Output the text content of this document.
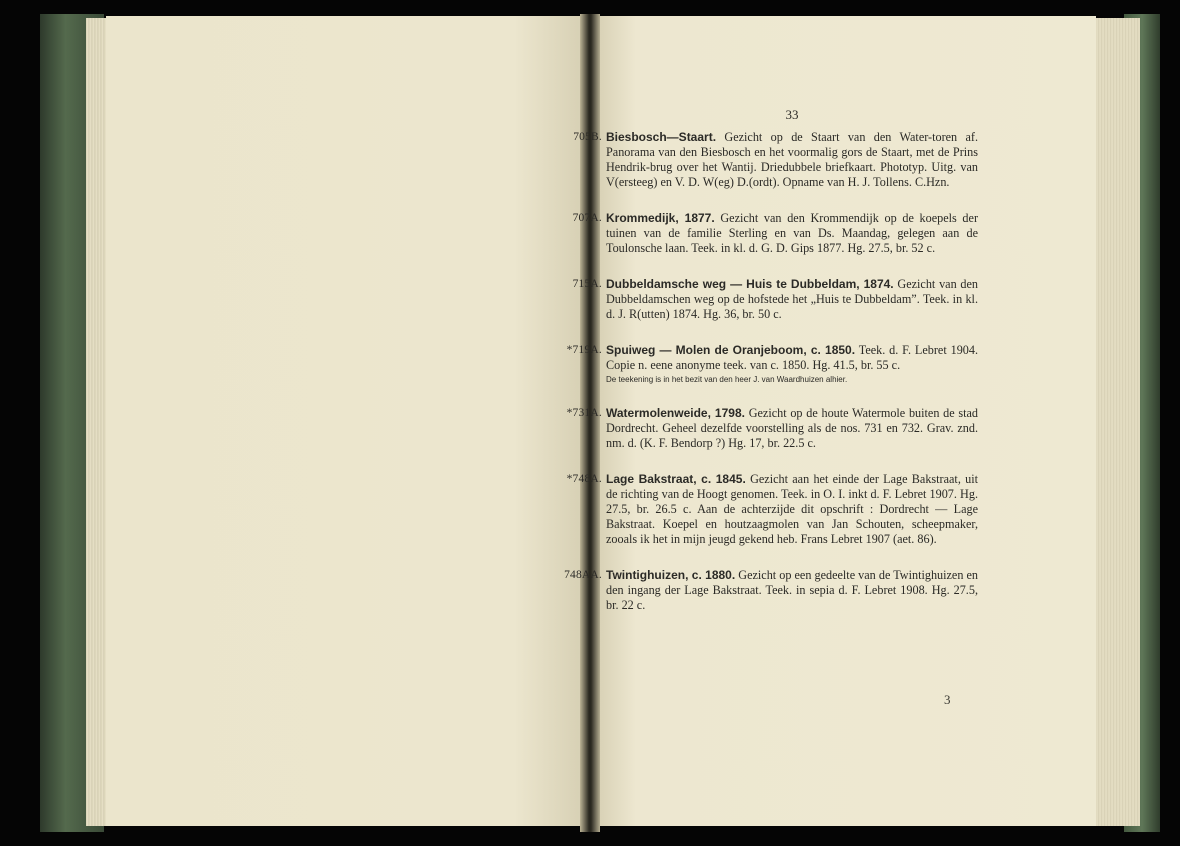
33
705B. Biesbosch—Staart. Gezicht op de Staart van den Water-toren af. Panorama van den Biesbosch en het voormalig gors de Staart, met de Prins Hendrik-brug over het Wantij. Driedubbele briefkaart. Phototyp. Uitg. van V(ersteeg) en V. D. W(eg) D.(ordt). Opname van H. J. Tollens. C.Hzn.
707A. Krommedijk, 1877. Gezicht van den Krommendijk op de koepels der tuinen van de familie Sterling en van Ds. Maandag, gelegen aan de Toulonsche laan. Teek. in kl. d. G. D. Gips 1877. Hg. 27.5, br. 52 c.
715A. Dubbeldamsche weg — Huis te Dubbeldam, 1874. Gezicht van den Dubbeldamschen weg op de hofstede het „Huis te Dubbeldam”. Teek. in kl. d. J. R(utten) 1874. Hg. 36, br. 50 c.
*719A. Spuiweg — Molen de Oranjeboom, c. 1850. Teek. d. F. Lebret 1904. Copie n. eene anonyme teek. van c. 1850. Hg. 41.5, br. 55 c.
De teekening is in het bezit van den heer J. van Waardhuizen alhier.
*731A. Watermolenweide, 1798. Gezicht op de houte Watermole buiten de stad Dordrecht. Geheel dezelfde voorstelling als de nos. 731 en 732. Grav. znd. nm. d. (K. F. Bendorp ?) Hg. 17, br. 22.5 c.
*748A. Lage Bakstraat, c. 1845. Gezicht aan het einde der Lage Bakstraat, uit de richting van de Hoogt genomen. Teek. in O. I. inkt d. F. Lebret 1907. Hg. 27.5, br. 26.5 c. Aan de achterzijde dit opschrift : Dordrecht — Lage Bakstraat. Koepel en houtzaagmolen van Jan Schouten, scheepmaker, zooals ik het in mijn jeugd gekend heb. Frans Lebret 1907 (aet. 86).
748AA. Twintighuizen, c. 1880. Gezicht op een gedeelte van de Twintighuizen en den ingang der Lage Bakstraat. Teek. in sepia d. F. Lebret 1908. Hg. 27.5, br. 22 c.
3
